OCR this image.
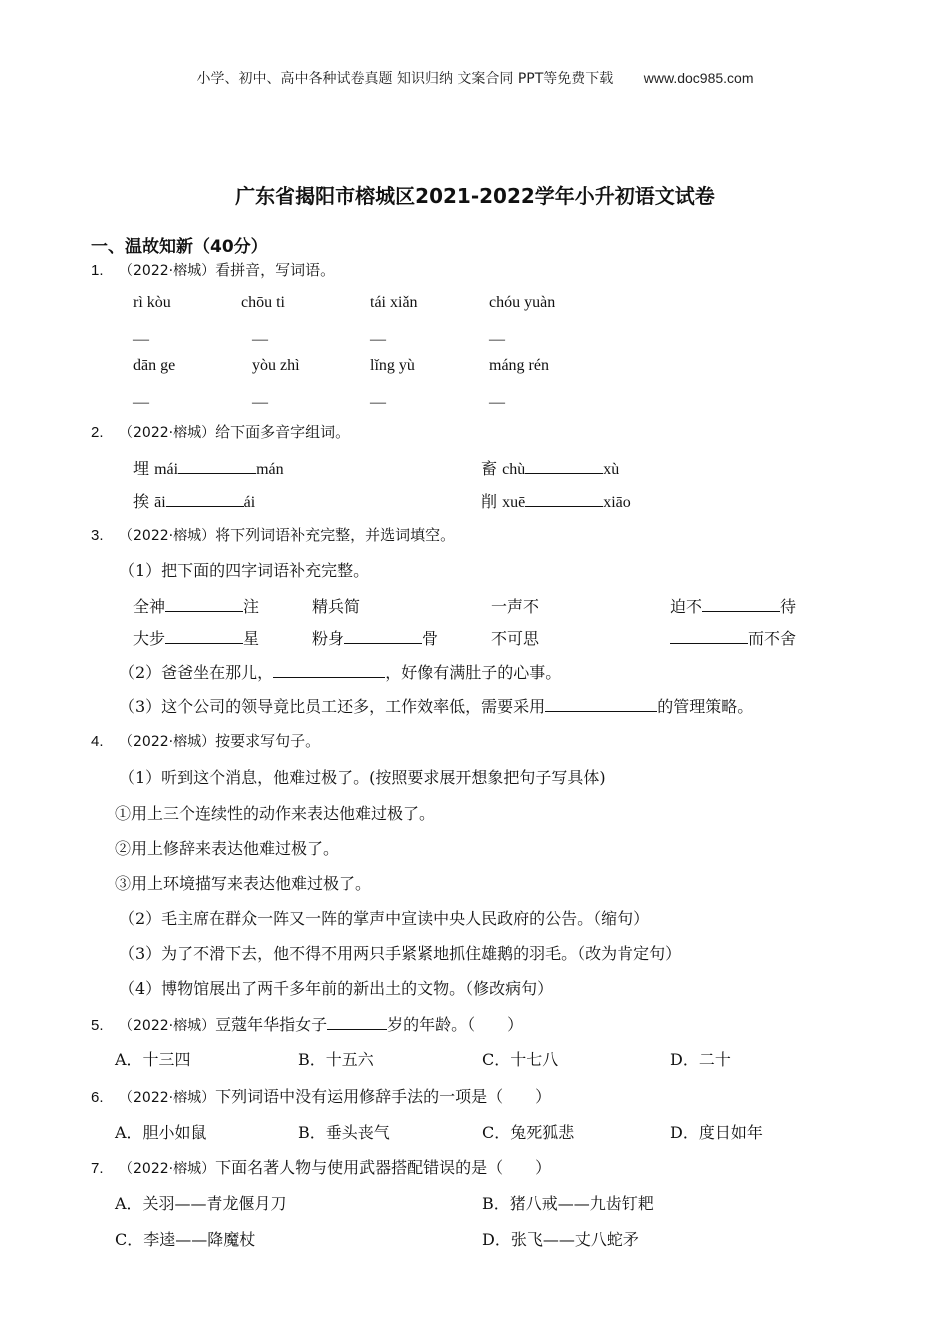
小学、初中、高中各种试卷真题 知识归纳 文案合同 PPT等免费下载 www.doc985.com
广东省揭阳市榕城区2021-2022学年小升初语文试卷
一、温故知新（40分）
1. （2022·榕城）看拼音，写词语。
rì kòu	chōu ti	tái xiǎn	chóu yuàn
—	—	—	—
dān ge	yòu zhì	lǐng yù	máng rén
—	—	—	—
2. （2022·榕城）给下面多音字组词。
埋 mái	mán	畜 chù	xù
挨 āi	ái	削 xuē	xiāo
3. （2022·榕城）将下列词语补充完整，并选词填空。
（1）把下面的四字词语补充完整。
全神	注	精兵简	一声不	迫不	待
大步	星	粉身	骨	不可思	而不舍
（2）爸爸坐在那儿，	，好像有满肚子的心事。
（3）这个公司的领导竟比员工还多，工作效率低，需要采用	的管理策略。
4. （2022·榕城）按要求写句子。
（1）听到这个消息，他难过极了。(按照要求展开想象把句子写具体)
①用上三个连续性的动作来表达他难过极了。
②用上修辞来表达他难过极了。
③用上环境描写来表达他难过极了。
（2）毛主席在群众一阵又一阵的掌声中宣读中央人民政府的公告。（缩句）
（3）为了不滑下去，他不得不用两只手紧紧地抓住雄鹅的羽毛。（改为肯定句）
（4）博物馆展出了两千多年前的新出土的文物。（修改病句）
5. （2022·榕城）豆蔻年华指女子	岁的年龄。（　　）
A．十三四	B．十五六	C．十七八	D．二十
6. （2022·榕城）下列词语中没有运用修辞手法的一项是（　　）
A．胆小如鼠	B．垂头丧气	C．兔死狐悲	D．度日如年
7. （2022·榕城）下面名著人物与使用武器搭配错误的是（　　）
A．关羽——青龙偃月刀	B．猪八戒——九齿钉耙
C．李逵——降魔杖	D．张飞——丈八蛇矛
